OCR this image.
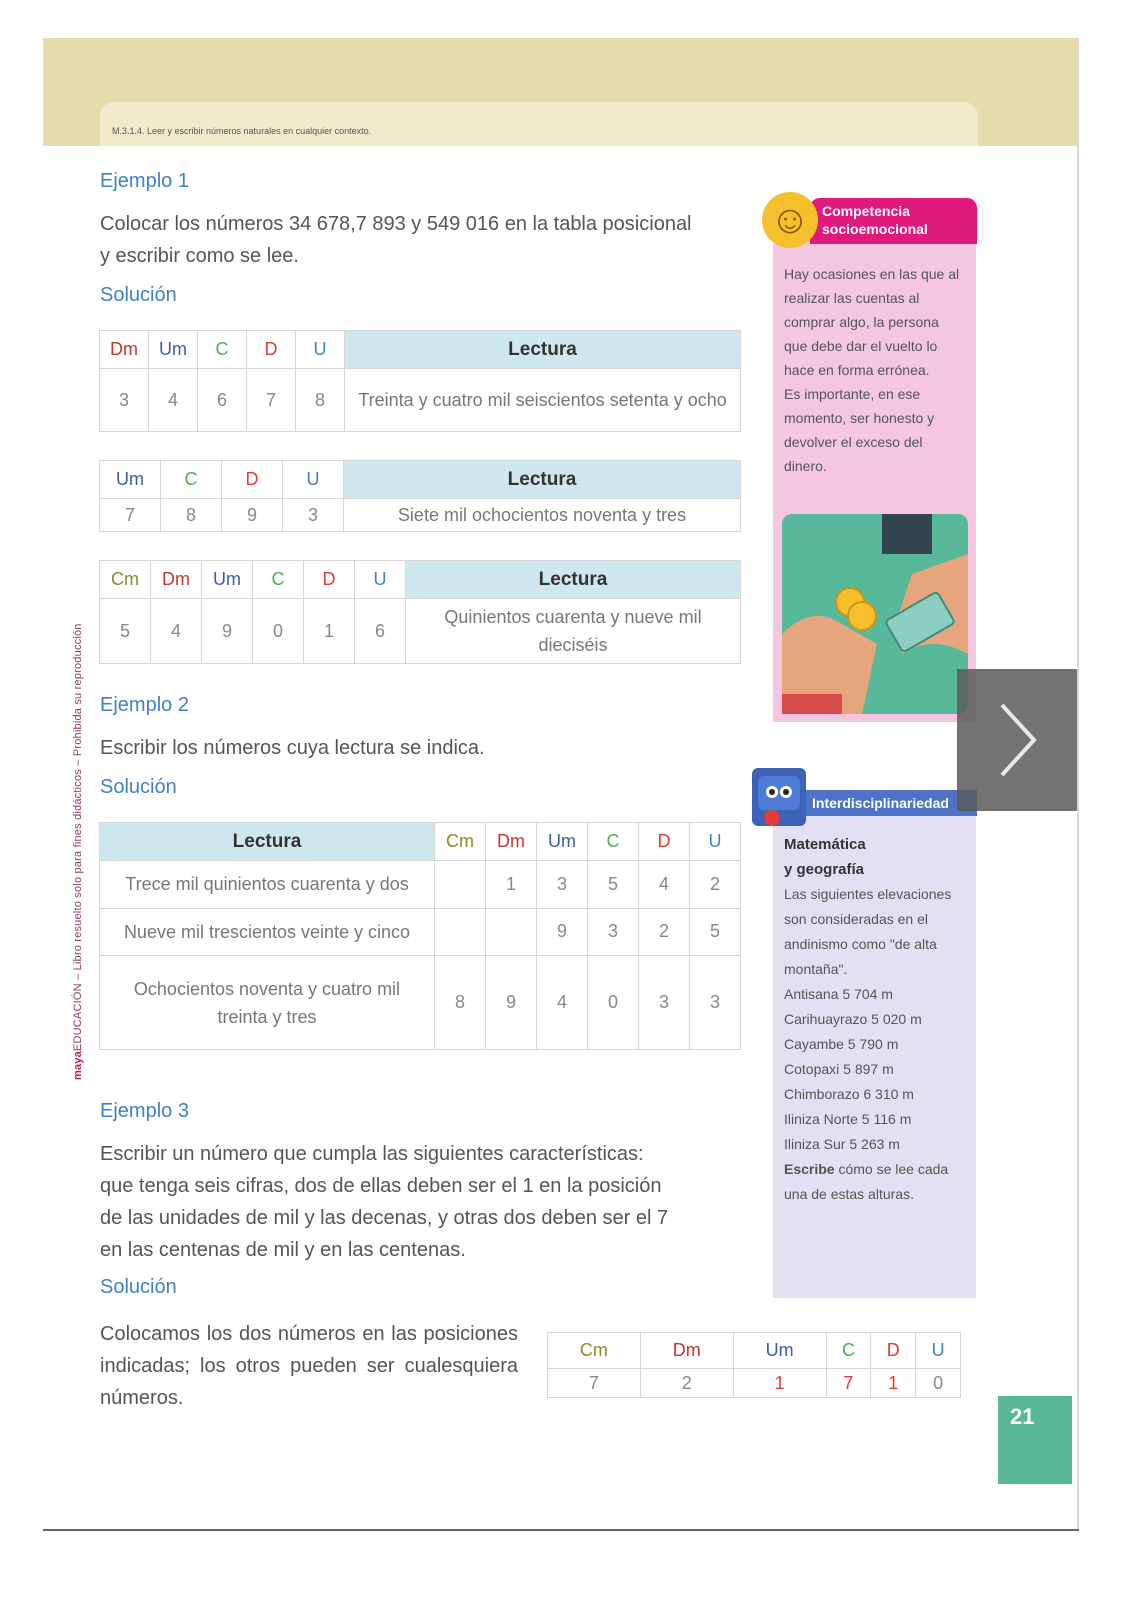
M.3.1.4. Leer y escribir números naturales en cualquier contexto.
mayaEDUCACIÓN – Libro resuelto solo para fines didácticos – Prohibida su reproducción
Ejemplo 1
Colocar los números 34 678,7 893 y 549 016 en la tabla posicional
y escribir como se lee.
Solución
Dm	Um	C	D	U	Lectura
3	4	6	7	8	Treinta y cuatro mil seiscientos setenta y ocho
Um	C	D	U	Lectura
7	8	9	3	Siete mil ochocientos noventa y tres
Cm	Dm	Um	C	D	U	Lectura
5	4	9	0	1	6	Quinientos cuarenta y nueve mil dieciséis
Ejemplo 2
Escribir los números cuya lectura se indica.
Solución
Lectura	Cm	Dm	Um	C	D	U
Trece mil quinientos cuarenta y dos		1	3	5	4	2
Nueve mil trescientos veinte y cinco			9	3	2	5
Ochocientos noventa y cuatro mil treinta y tres	8	9	4	0	3	3
Ejemplo 3
Escribir un número que cumpla las siguientes características:
que tenga seis cifras, dos de ellas deben ser el 1 en la posición
de las unidades de mil y las decenas, y otras dos deben ser el 7
en las centenas de mil y en las centenas.
Solución
Colocamos los dos números en las posiciones indicadas; los otros pueden ser cualesquiera números.
Cm	Dm	Um	C	D	U
7	2	1	7	1	0
Competencia
socioemocional
☺
Hay ocasiones en las que al realizar las cuentas al comprar algo, la persona que debe dar el vuelto lo hace en forma errónea.
Es importante, en ese momento, ser honesto y devolver el exceso del dinero.
Interdisciplinariedad
Matemática
y geografía
Las siguientes elevaciones son consideradas en el andinismo como "de alta montaña".
Antisana 5 704 m
Carihuayrazo 5 020 m
Cayambe 5 790 m
Cotopaxi 5 897 m
Chimborazo 6 310 m
Iliniza Norte 5 116 m
Iliniza Sur 5 263 m
Escribe cómo se lee cada una de estas alturas.
21
